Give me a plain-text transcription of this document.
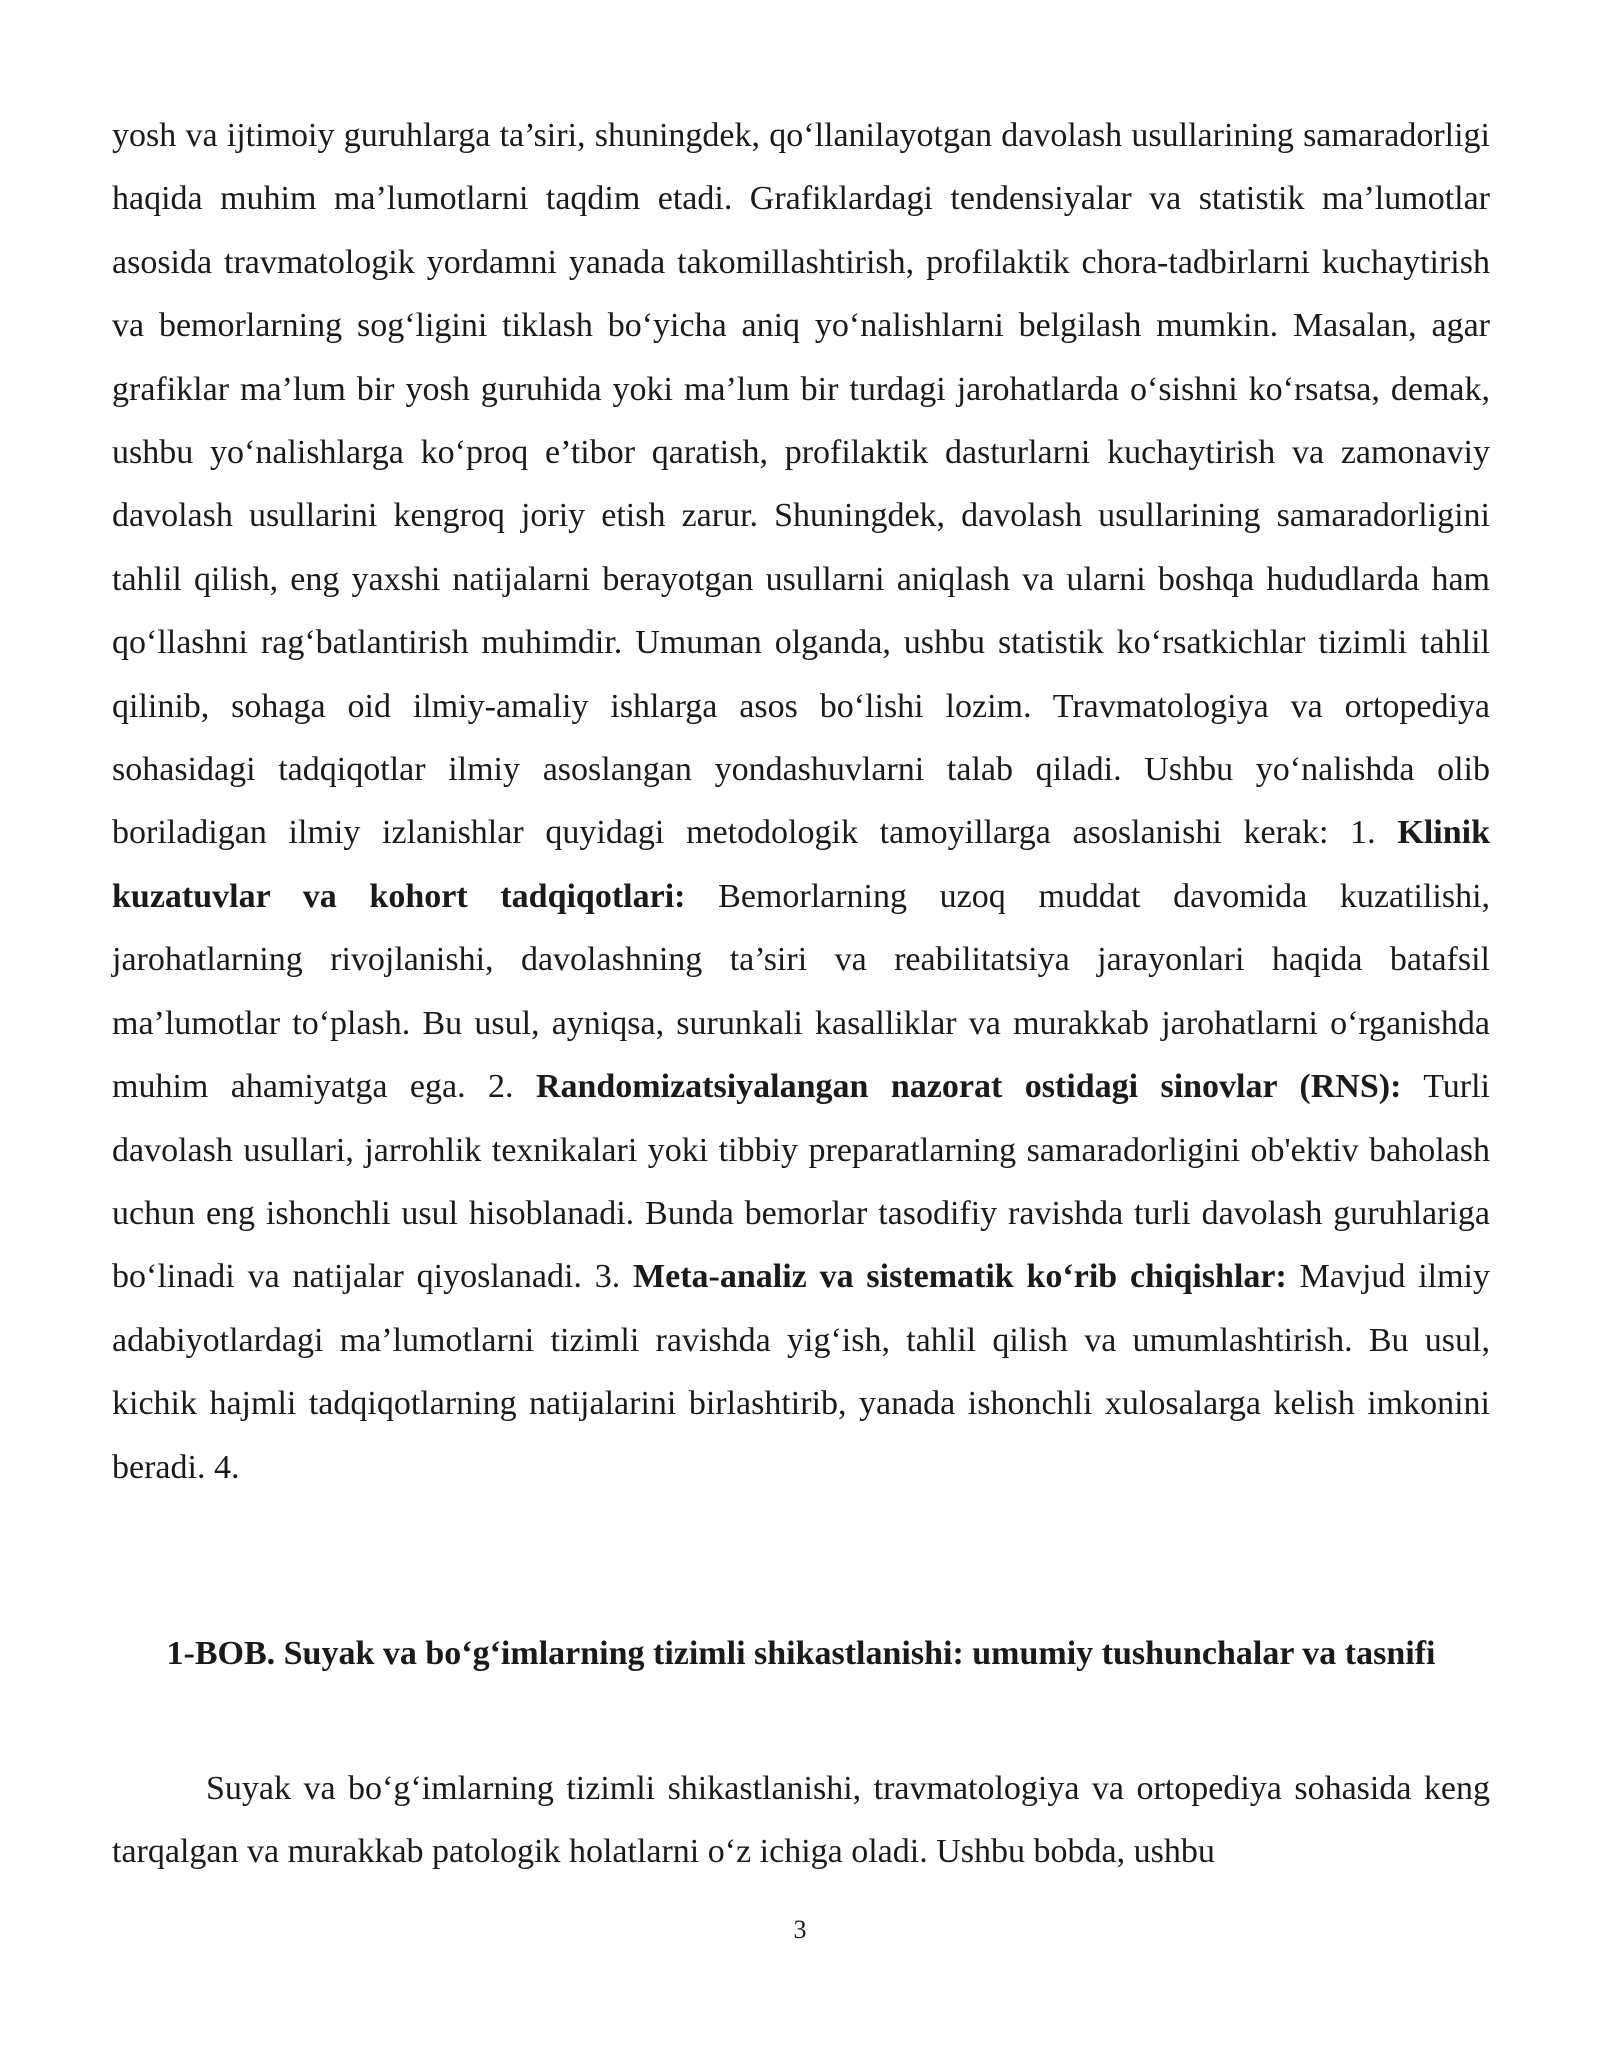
yosh va ijtimoiy guruhlarga ta’siri, shuningdek, qo‘llanilayotgan davolash usullarining samaradorligi haqida muhim ma’lumotlarni taqdim etadi. Grafiklardagi tendensiyalar va statistik ma’lumotlar asosida travmatologik yordamni yanada takomillashtirish, profilaktik chora-tadbirlarni kuchaytirish va bemorlarning sog‘ligini tiklash bo‘yicha aniq yo‘nalishlarni belgilash mumkin. Masalan, agar grafiklar ma’lum bir yosh guruhida yoki ma’lum bir turdagi jarohatlarda o‘sishni ko‘rsatsa, demak, ushbu yo‘nalishlarga ko‘proq e’tibor qaratish, profilaktik dasturlarni kuchaytirish va zamonaviy davolash usullarini kengroq joriy etish zarur. Shuningdek, davolash usullarining samaradorligini tahlil qilish, eng yaxshi natijalarni berayotgan usullarni aniqlash va ularni boshqa hududlarda ham qo‘llashni rag‘batlantirish muhimdir. Umuman olganda, ushbu statistik ko‘rsatkichlar tizimli tahlil qilinib, sohaga oid ilmiy-amaliy ishlarga asos bo‘lishi lozim. Travmatologiya va ortopediya sohasidagi tadqiqotlar ilmiy asoslangan yondashuvlarni talab qiladi. Ushbu yo‘nalishda olib boriladigan ilmiy izlanishlar quyidagi metodologik tamoyillarga asoslanishi kerak: 1. Klinik kuzatuvlar va kohort tadqiqotlari: Bemorlarning uzoq muddat davomida kuzatilishi, jarohatlarning rivojlanishi, davolashning ta’siri va reabilitatsiya jarayonlari haqida batafsil ma’lumotlar to‘plash. Bu usul, ayniqsa, surunkali kasalliklar va murakkab jarohatlarni o‘rganishda muhim ahamiyatga ega. 2. Randomizatsiyalangan nazorat ostidagi sinovlar (RNS): Turli davolash usullari, jarrohlik texnikalari yoki tibbiy preparatlarning samaradorligini ob'ektiv baholash uchun eng ishonchli usul hisoblanadi. Bunda bemorlar tasodifiy ravishda turli davolash guruhlariga bo‘linadi va natijalar qiyoslanadi. 3. Meta-analiz va sistematik ko‘rib chiqishlar: Mavjud ilmiy adabiyotlardagi ma’lumotlarni tizimli ravishda yig‘ish, tahlil qilish va umumlashtirish. Bu usul, kichik hajmli tadqiqotlarning natijalarini birlashtirib, yanada ishonchli xulosalarga kelish imkonini beradi. 4.

1-BOB. Suyak va bo‘g‘imlarning tizimli shikastlanishi: umumiy tushunchalar va tasnifi

Suyak va bo‘g‘imlarning tizimli shikastlanishi, travmatologiya va ortopediya sohasida keng tarqalgan va murakkab patologik holatlarni o‘z ichiga oladi. Ushbu bobda, ushbu

3
